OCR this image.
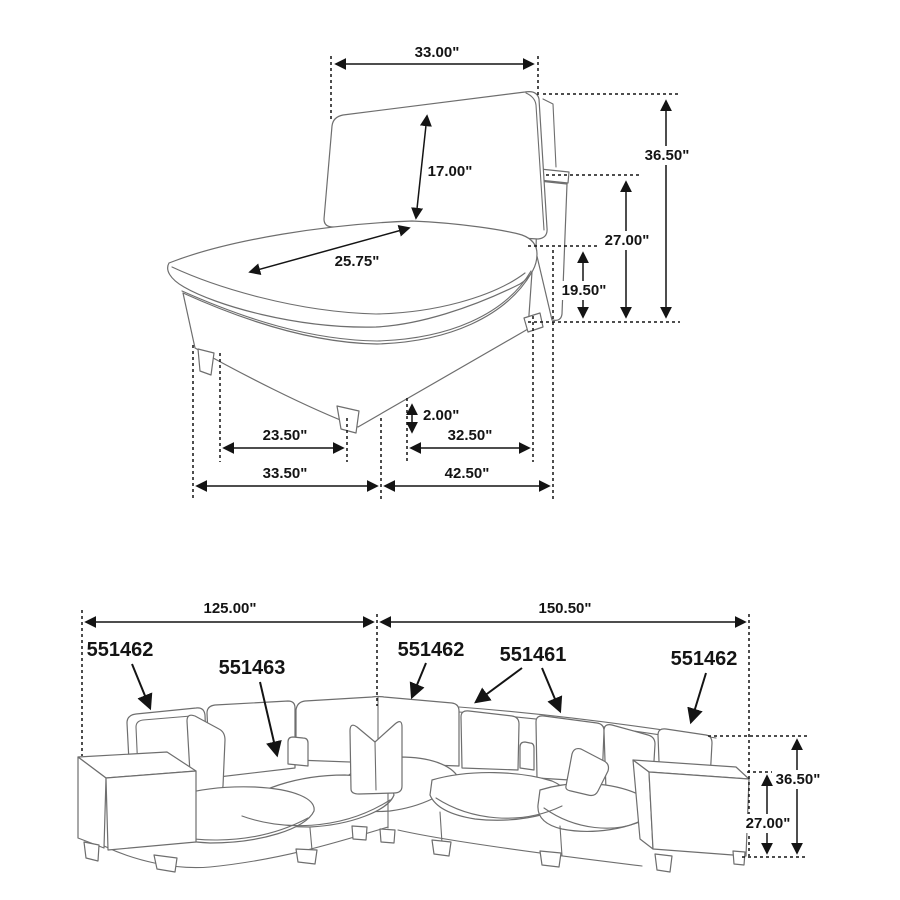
33.00"
17.00"
25.75"
36.50"
27.00"
19.50"
2.00"
23.50"	32.50"
33.50"	42.50"
125.00"	150.50"
36.50"
27.00"
551462
551463
551462 551461	551462
